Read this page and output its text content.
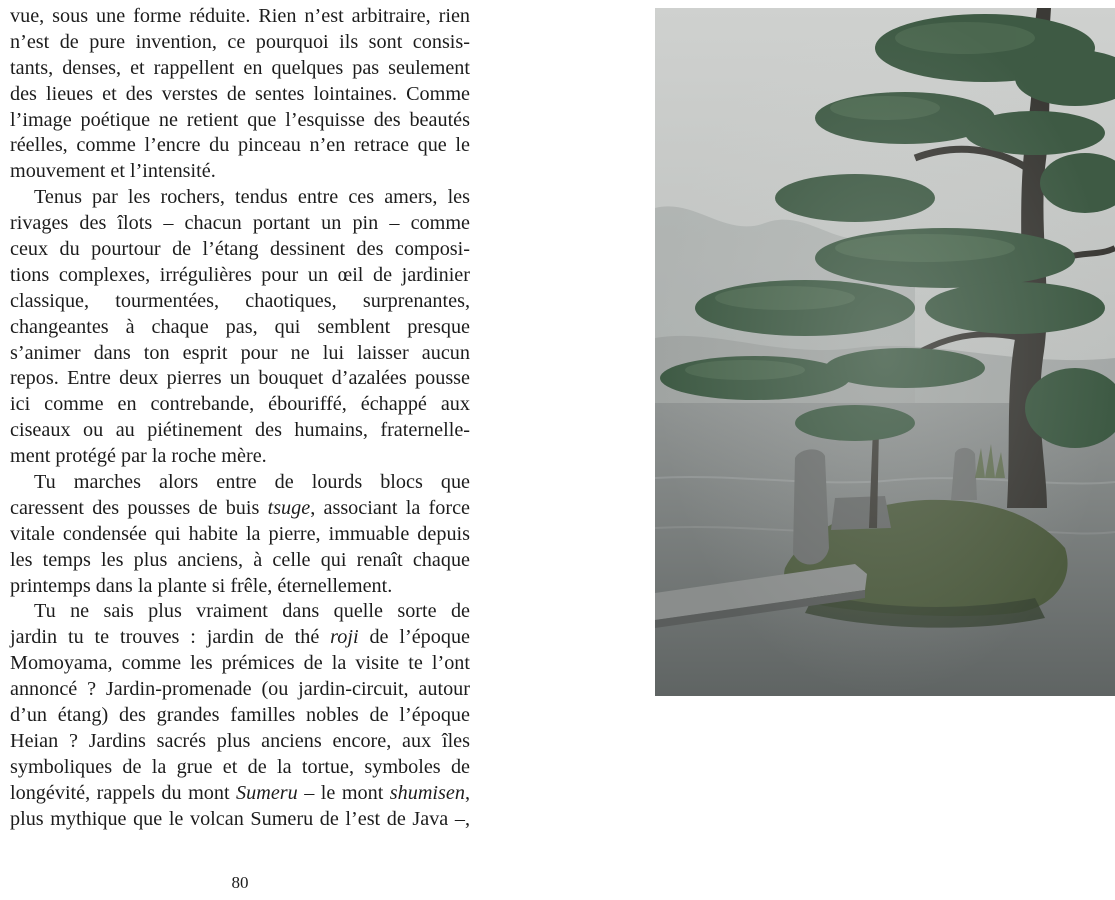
vue, sous une forme réduite. Rien n’est arbitraire, rien
n’est de pure invention, ce pourquoi ils sont consis-
tants, denses, et rappellent en quelques pas seulement
des lieues et des verstes de sentes lointaines. Comme
l’image poétique ne retient que l’esquisse des beautés
réelles, comme l’encre du pinceau n’en retrace que le
mouvement et l’intensité.
Tenus par les rochers, tendus entre ces amers, les
rivages des îlots – chacun portant un pin – comme
ceux du pourtour de l’étang dessinent des composi-
tions complexes, irrégulières pour un œil de jardinier
classique, tourmentées, chaotiques, surprenantes,
changeantes à chaque pas, qui semblent presque
s’animer dans ton esprit pour ne lui laisser aucun
repos. Entre deux pierres un bouquet d’azalées pousse
ici comme en contrebande, ébouriffé, échappé aux
ciseaux ou au piétinement des humains, fraternelle-
ment protégé par la roche mère.
Tu marches alors entre de lourds blocs que
caressent des pousses de buis tsuge, associant la force
vitale condensée qui habite la pierre, immuable depuis
les temps les plus anciens, à celle qui renaît chaque
printemps dans la plante si frêle, éternellement.
Tu ne sais plus vraiment dans quelle sorte de
jardin tu te trouves : jardin de thé roji de l’époque
Momoyama, comme les prémices de la visite te l’ont
annoncé ? Jardin-promenade (ou jardin-circuit, autour
d’un étang) des grandes familles nobles de l’époque
Heian ? Jardins sacrés plus anciens encore, aux îles
symboliques de la grue et de la tortue, symboles de
longévité, rappels du mont Sumeru – le mont shumisen,
plus mythique que le volcan Sumeru de l’est de Java –,
80
